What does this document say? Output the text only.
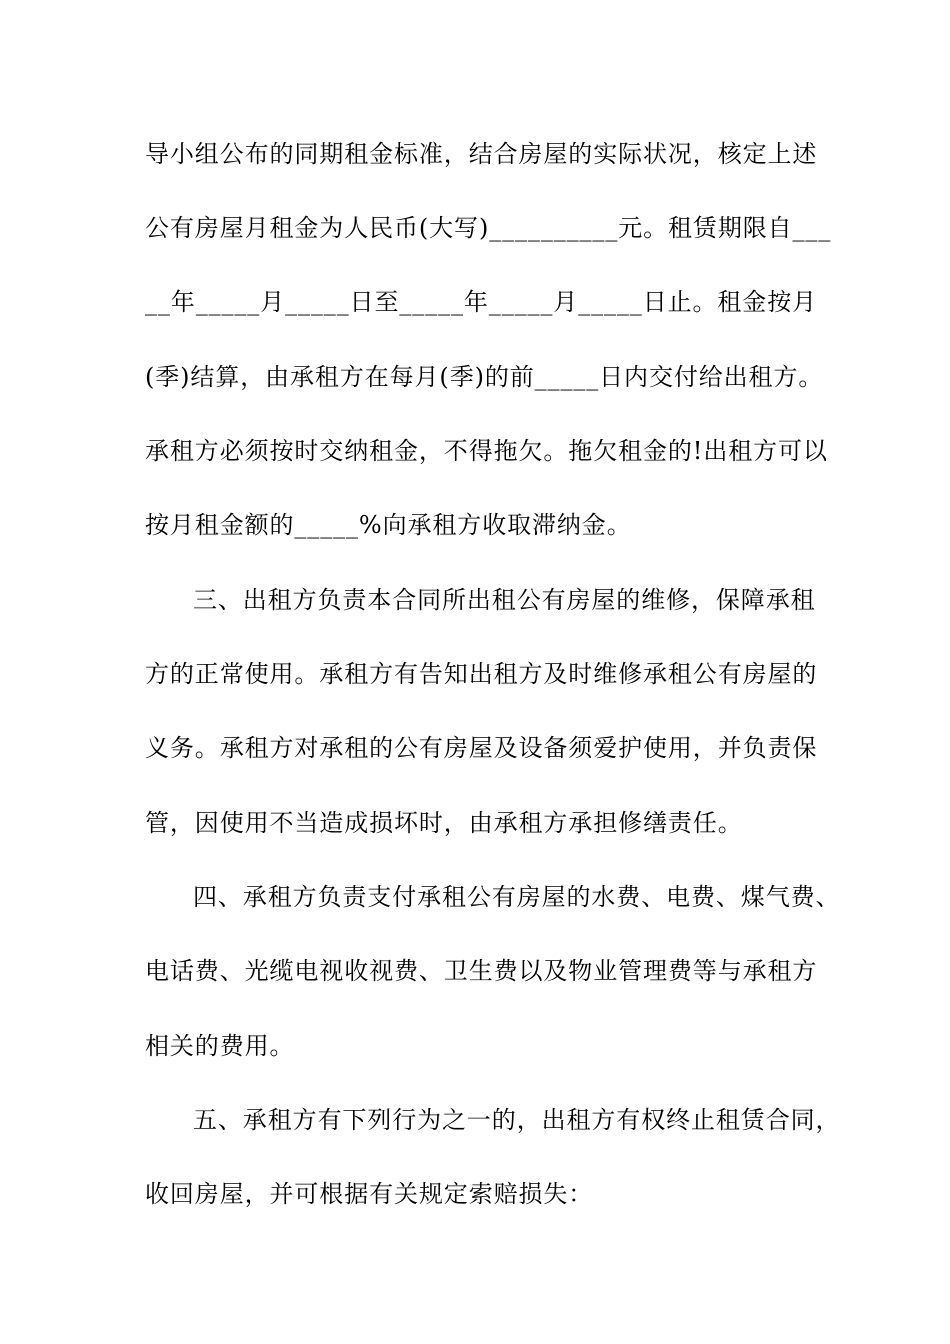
导小组公布的同期租金标准，结合房屋的实际状况，核定上述
公有房屋月租金为人民币(大写)__________元。租赁期限自___
__年_____月_____日至_____年_____月_____日止。租金按月
(季)结算，由承租方在每月(季)的前_____日内交付给出租方。
承租方必须按时交纳租金，不得拖欠。拖欠租金的!出租方可以
按月租金额的_____%向承租方收取滞纳金。
三、出租方负责本合同所出租公有房屋的维修，保障承租
方的正常使用。承租方有告知出租方及时维修承租公有房屋的
义务。承租方对承租的公有房屋及设备须爱护使用，并负责保
管，因使用不当造成损坏时，由承租方承担修缮责任。
四、承租方负责支付承租公有房屋的水费、电费、煤气费、
电话费、光缆电视收视费、卫生费以及物业管理费等与承租方
相关的费用。
五、承租方有下列行为之一的，出租方有权终止租赁合同，
收回房屋，并可根据有关规定索赔损失：
